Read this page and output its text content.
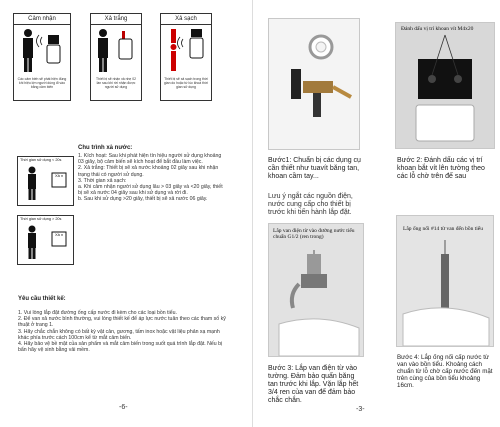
Cảm nhận
Các cảm biến sẽ phát hiện đúng khi hiệu lớn người dùng đi vào bằng cảm biến
Xả trắng
Thiết bị sẽ nhận xả nhẹ 02 lần sau khi rời nhận được người sử dụng
Xả sạch
Thiết bị sẽ xả sạch trong thời gian do hoặc từ lúc khoá thời gian sử dụng
Thời gian sử dụng < 20s
Xả n
Thời gian sử dụng > 20s
Xả n
Chu trình xả nước:
1. Kích hoạt: Sau khi phát hiện tín hiệu người sử dụng khoảng 03 giây, bộ cảm biến sẽ kích hoạt để bắt đầu làm việc.
2. Xả trắng: Thiết bị sẽ xả nước khoảng 02 giây sau khi nhận trạng thái có người sử dụng.
3. Thời gian xả sạch:
a. Khi cảm nhận người sử dụng lâu > 03 giây và <20 giây, thiết bị sẽ xả nước 04 giây sau khi sử dụng và rời đi.
b. Sau khi sử dụng >20 giây, thiết bị sẽ xả nước 06 giây.
Yêu cầu thiết kế:
1. Vui lòng lắp đặt đường ống cấp nước đi kèm cho các loại bồn tiểu.
2. Để van xả nước bình thường, vui lòng thiết kế để áp lực nước tuân theo các tham số kỹ thuật ở trang 1.
3. Hãy chắc chắn không có bất kỳ vật cản, gương, tấm inox hoặc vật liệu phản xạ mạnh khác phía trước cách 100cm kể từ mắt cảm biến.
4. Hãy bảo vệ bề mặt của sản phẩm và mắt cảm biến trong suốt quá trình lắp đặt. Nếu bị bẩn hãy vệ sinh bằng vải mềm.
-6-
Bước1: Chuẩn bị các dụng cụ cần thiết như tuavít băng tan, khoan cầm tay...
Lưu ý ngắt các nguồn điện, nước cung cấp cho thiết bị trước khi tiến hành lắp đặt.
Đánh dấu vị trí khoan vít M4x20
Bước 2: Đánh dấu các vị trí khoan bắt vít lên tường theo các lỗ chờ trên đế sau
Lắp van điện từ vào đường nước tiểu chuẩn G1/2 (ren trong)
Bước 3: Lắp van điện từ vào tường. Đảm bảo quấn băng tan trước khi lắp. Vặn lắp hết 3/4 ren của van để đảm bảo chắc chắn.
Lắp ống nối #14 từ van đến bồn tiểu
Bước 4: Lắp ống nối cấp nước từ van vào bồn tiểu. Khoảng cách chuẩn từ lỗ chờ cấp nước đến mặt trên cùng của bồn tiểu khoảng 16cm.
-3-
